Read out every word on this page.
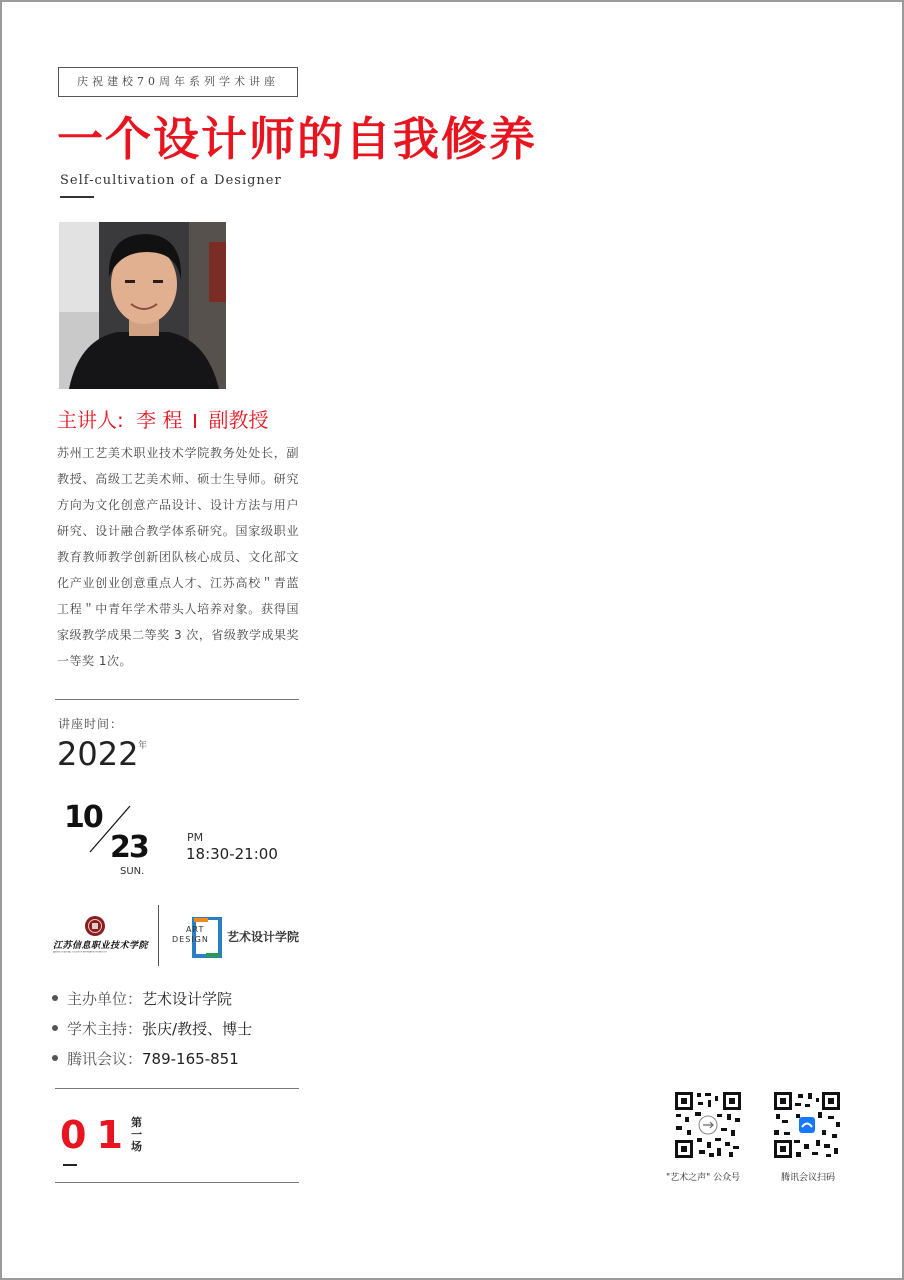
庆祝建校70周年系列学术讲座
一个设计师的自我修养
Self-cultivation of a Designer
主讲人: 李 程 副教授
苏州工艺美术职业技术学院教务处处长，副教授、高级工艺美术师、硕士生导师。研究方向为文化创意产品设计、设计方法与用户研究、设计融合教学体系研究。国家级职业教育教师教学创新团队核心成员、文化部文化产业创业创意重点人才、江苏高校＂青蓝工程＂中青年学术带头人培养对象。获得国家级教学成果二等奖 3 次，省级教学成果奖一等奖 1次。
讲座时间：
2022 年
10
23
SUN.
PM
18:30-21:00
江苏信息职业技术学院
JIANGSU VOCATIONAL COLLEGE OF INFORMATION TECHNOLOGY
ART
DESIGN 艺术设计学院
主办单位：艺术设计学院
学术主持：张庆/教授、博士
腾讯会议：789-165-851
01
第一场
"艺术之声" 公众号	腾讯会议扫码
